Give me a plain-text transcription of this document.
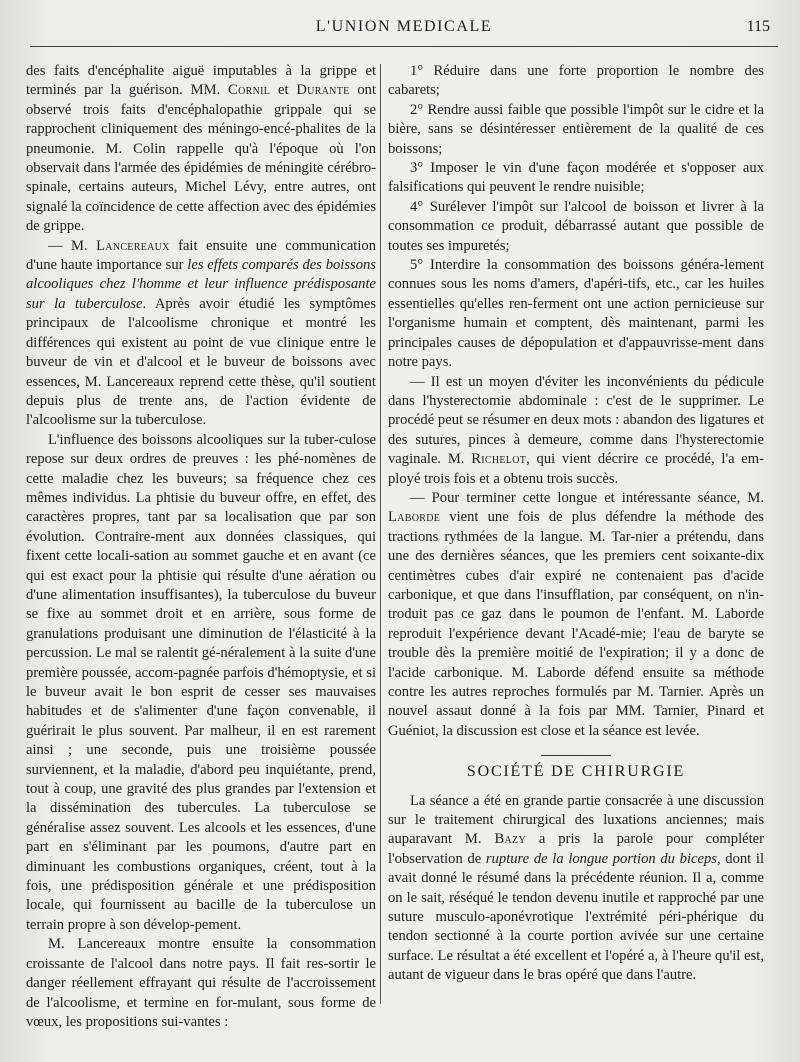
L'UNION MEDICALE	115

des faits d'encéphalite aiguë imputables à la grippe et terminés par la guérison. MM. Cornil et Durante ont observé trois faits d'encéphalopathie grippale qui se rapprochent cliniquement des méningo-encé-phalites de la pneumonie. M. Colin rappelle qu'à l'époque où l'on observait dans l'armée des épidémies de méningite cérébro-spinale, certains auteurs, Michel Lévy, entre autres, ont signalé la coïncidence de cette affection avec des épidémies de grippe.

— M. Lancereaux fait ensuite une communication d'une haute importance sur les effets comparés des boissons alcooliques chez l'homme et leur influence prédisposante sur la tuberculose. Après avoir étudié les symptômes principaux de l'alcoolisme chronique et montré les différences qui existent au point de vue clinique entre le buveur de vin et d'alcool et le buveur de boissons avec essences, M. Lancereaux reprend cette thèse, qu'il soutient depuis plus de trente ans, de l'action évidente de l'alcoolisme sur la tuberculose.

L'influence des boissons alcooliques sur la tuber-culose repose sur deux ordres de preuves : les phé-nomènes de cette maladie chez les buveurs; sa fréquence chez ces mêmes individus. La phtisie du buveur offre, en effet, des caractères propres, tant par sa localisation que par son évolution. Contraire-ment aux données classiques, qui fixent cette locali-sation au sommet gauche et en avant (ce qui est exact pour la phtisie qui résulte d'une aération ou d'une alimentation insuffisantes), la tuberculose du buveur se fixe au sommet droit et en arrière, sous forme de granulations produisant une diminution de l'élasticité à la percussion. Le mal se ralentit gé-néralement à la suite d'une première poussée, accom-pagnée parfois d'hémoptysie, et si le buveur avait le bon esprit de cesser ses mauvaises habitudes et de s'alimenter d'une façon convenable, il guérirait le plus souvent. Par malheur, il en est rarement ainsi ; une seconde, puis une troisième poussée surviennent, et la maladie, d'abord peu inquiétante, prend, tout à coup, une gravité des plus grandes par l'extension et la dissémination des tubercules. La tuberculose se généralise assez souvent. Les alcools et les essences, d'une part en s'éliminant par les poumons, d'autre part en diminuant les combustions organiques, créent, tout à la fois, une prédisposition générale et une prédisposition locale, qui fournissent au bacille de la tuberculose un terrain propre à son dévelop-pement.

M. Lancereaux montre ensuite la consommation croissante de l'alcool dans notre pays. Il fait res-sortir le danger réellement effrayant qui résulte de l'accroissement de l'alcoolisme, et termine en for-mulant, sous forme de vœux, les propositions sui-vantes :

1° Réduire dans une forte proportion le nombre des cabarets;

2° Rendre aussi faible que possible l'impôt sur le cidre et la bière, sans se désintéresser entièrement de la qualité de ces boissons;

3° Imposer le vin d'une façon modérée et s'opposer aux falsifications qui peuvent le rendre nuisible;

4° Surélever l'impôt sur l'alcool de boisson et livrer à la consommation ce produit, débarrassé autant que possible de toutes ses impuretés;

5° Interdire la consommation des boissons généra-lement connues sous les noms d'amers, d'apéri-tifs, etc., car les huiles essentielles qu'elles ren-ferment ont une action pernicieuse sur l'organisme humain et comptent, dès maintenant, parmi les principales causes de dépopulation et d'appauvrisse-ment dans notre pays.

— Il est un moyen d'éviter les inconvénients du pédicule dans l'hysterectomie abdominale : c'est de le supprimer. Le procédé peut se résumer en deux mots : abandon des ligatures et des sutures, pinces à demeure, comme dans l'hysterectomie vaginale. M. Richelot, qui vient décrire ce procédé, l'a em-ployé trois fois et a obtenu trois succès.

— Pour terminer cette longue et intéressante séance, M. Laborde vient une fois de plus défendre la méthode des tractions rythmées de la langue. M. Tar-nier a prétendu, dans une des dernières séances, que les premiers cent soixante-dix centimètres cubes d'air expiré ne contenaient pas d'acide carbonique, et que dans l'insufflation, par conséquent, on n'in-troduit pas ce gaz dans le poumon de l'enfant. M. Laborde reproduit l'expérience devant l'Acadé-mie; l'eau de baryte se trouble dès la première moitié de l'expiration; il y a donc de l'acide carbonique. M. Laborde défend ensuite sa méthode contre les autres reproches formulés par M. Tarnier. Après un nouvel assaut donné à la fois par MM. Tarnier, Pinard et Guéniot, la discussion est close et la séance est levée.

SOCIÉTÉ DE CHIRURGIE

La séance a été en grande partie consacrée à une discussion sur le traitement chirurgical des luxations anciennes; mais auparavant M. Bazy a pris la parole pour compléter l'observation de rupture de la longue portion du biceps, dont il avait donné le résumé dans la précédente réunion. Il a, comme on le sait, réséqué le tendon devenu inutile et rapproché par une suture musculo-aponévrotique l'extrémité péri-phérique du tendon sectionné à la courte portion avivée sur une certaine surface. Le résultat a été excellent et l'opéré a, à l'heure qu'il est, autant de vigueur dans le bras opéré que dans l'autre.
